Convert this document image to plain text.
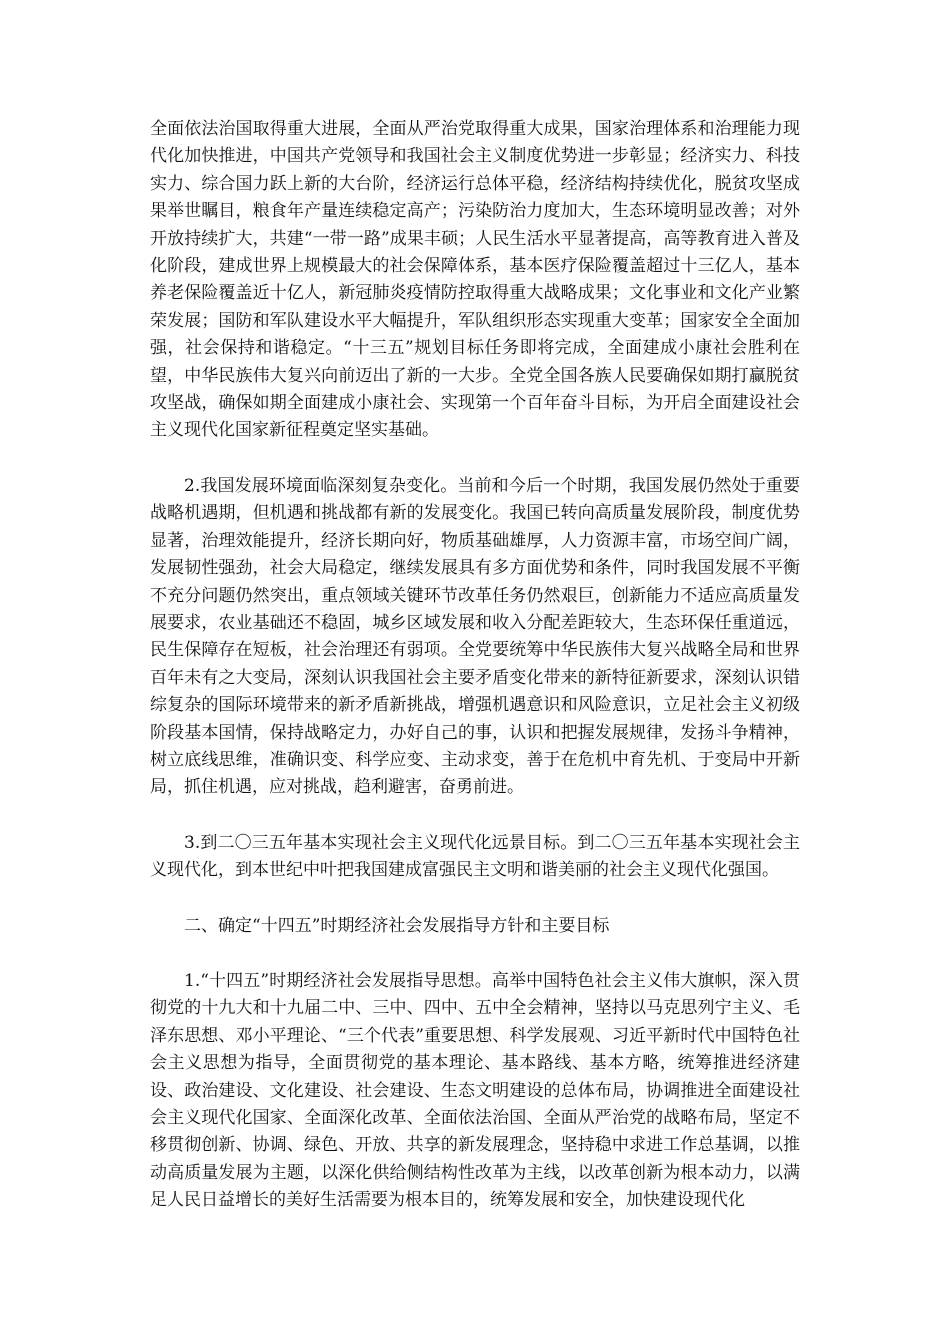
全面依法治国取得重大进展，全面从严治党取得重大成果，国家治理体系和治理能力现代化加快推进，中国共产党领导和我国社会主义制度优势进一步彰显；经济实力、科技实力、综合国力跃上新的大台阶，经济运行总体平稳，经济结构持续优化，脱贫攻坚成果举世瞩目，粮食年产量连续稳定高产；污染防治力度加大，生态环境明显改善；对外开放持续扩大，共建“一带一路”成果丰硕；人民生活水平显著提高，高等教育进入普及化阶段，建成世界上规模最大的社会保障体系，基本医疗保险覆盖超过十三亿人，基本养老保险覆盖近十亿人，新冠肺炎疫情防控取得重大战略成果；文化事业和文化产业繁荣发展；国防和军队建设水平大幅提升，军队组织形态实现重大变革；国家安全全面加强，社会保持和谐稳定。“十三五”规划目标任务即将完成，全面建成小康社会胜利在望，中华民族伟大复兴向前迈出了新的一大步。全党全国各族人民要确保如期打赢脱贫攻坚战，确保如期全面建成小康社会、实现第一个百年奋斗目标，为开启全面建设社会主义现代化国家新征程奠定坚实基础。

2.我国发展环境面临深刻复杂变化。当前和今后一个时期，我国发展仍然处于重要战略机遇期，但机遇和挑战都有新的发展变化。我国已转向高质量发展阶段，制度优势显著，治理效能提升，经济长期向好，物质基础雄厚，人力资源丰富，市场空间广阔，发展韧性强劲，社会大局稳定，继续发展具有多方面优势和条件，同时我国发展不平衡不充分问题仍然突出，重点领域关键环节改革任务仍然艰巨，创新能力不适应高质量发展要求，农业基础还不稳固，城乡区域发展和收入分配差距较大，生态环保任重道远，民生保障存在短板，社会治理还有弱项。全党要统筹中华民族伟大复兴战略全局和世界百年未有之大变局，深刻认识我国社会主要矛盾变化带来的新特征新要求，深刻认识错综复杂的国际环境带来的新矛盾新挑战，增强机遇意识和风险意识，立足社会主义初级阶段基本国情，保持战略定力，办好自己的事，认识和把握发展规律，发扬斗争精神，树立底线思维，准确识变、科学应变、主动求变，善于在危机中育先机、于变局中开新局，抓住机遇，应对挑战，趋利避害，奋勇前进。

3.到二〇三五年基本实现社会主义现代化远景目标。到二〇三五年基本实现社会主义现代化，到本世纪中叶把我国建成富强民主文明和谐美丽的社会主义现代化强国。

二、确定“十四五”时期经济社会发展指导方针和主要目标

1.“十四五”时期经济社会发展指导思想。高举中国特色社会主义伟大旗帜，深入贯彻党的十九大和十九届二中、三中、四中、五中全会精神，坚持以马克思列宁主义、毛泽东思想、邓小平理论、“三个代表”重要思想、科学发展观、习近平新时代中国特色社会主义思想为指导，全面贯彻党的基本理论、基本路线、基本方略，统筹推进经济建设、政治建设、文化建设、社会建设、生态文明建设的总体布局，协调推进全面建设社会主义现代化国家、全面深化改革、全面依法治国、全面从严治党的战略布局，坚定不移贯彻创新、协调、绿色、开放、共享的新发展理念，坚持稳中求进工作总基调，以推动高质量发展为主题，以深化供给侧结构性改革为主线，以改革创新为根本动力，以满足人民日益增长的美好生活需要为根本目的，统筹发展和安全，加快建设现代化
